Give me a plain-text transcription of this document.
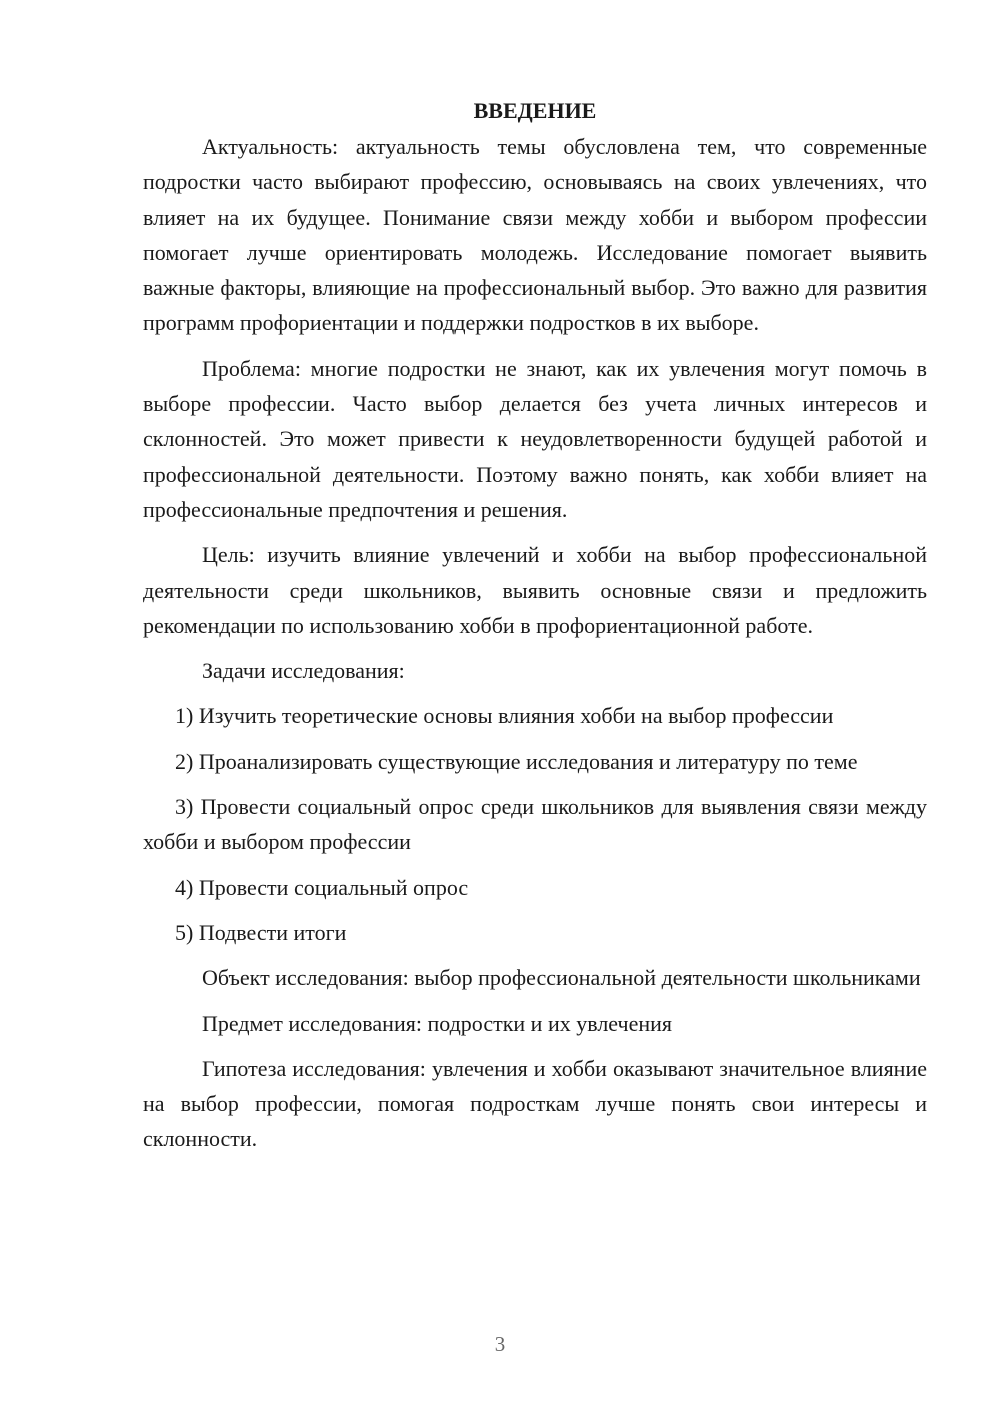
ВВЕДЕНИЕ

Актуальность: актуальность темы обусловлена тем, что современные подростки часто выбирают профессию, основываясь на своих увлечениях, что влияет на их будущее. Понимание связи между хобби и выбором профессии помогает лучше ориентировать молодежь. Исследование помогает выявить важные факторы, влияющие на профессиональный выбор. Это важно для развития программ профориентации и поддержки подростков в их выборе.

Проблема: многие подростки не знают, как их увлечения могут помочь в выборе профессии. Часто выбор делается без учета личных интересов и склонностей. Это может привести к неудовлетворенности будущей работой и профессиональной деятельности. Поэтому важно понять, как хобби влияет на профессиональные предпочтения и решения.

Цель: изучить влияние увлечений и хобби на выбор профессиональной деятельности среди школьников, выявить основные связи и предложить рекомендации по использованию хобби в профориентационной работе.

Задачи исследования:

1) Изучить теоретические основы влияния хобби на выбор профессии

2) Проанализировать существующие исследования и литературу по теме

3) Провести социальный опрос среди школьников для выявления связи между хобби и выбором профессии

4) Провести социальный опрос

5) Подвести итоги

Объект исследования: выбор профессиональной деятельности школьниками

Предмет исследования: подростки и их увлечения

Гипотеза исследования: увлечения и хобби оказывают значительное влияние на выбор профессии, помогая подросткам лучше понять свои интересы и склонности.

3
